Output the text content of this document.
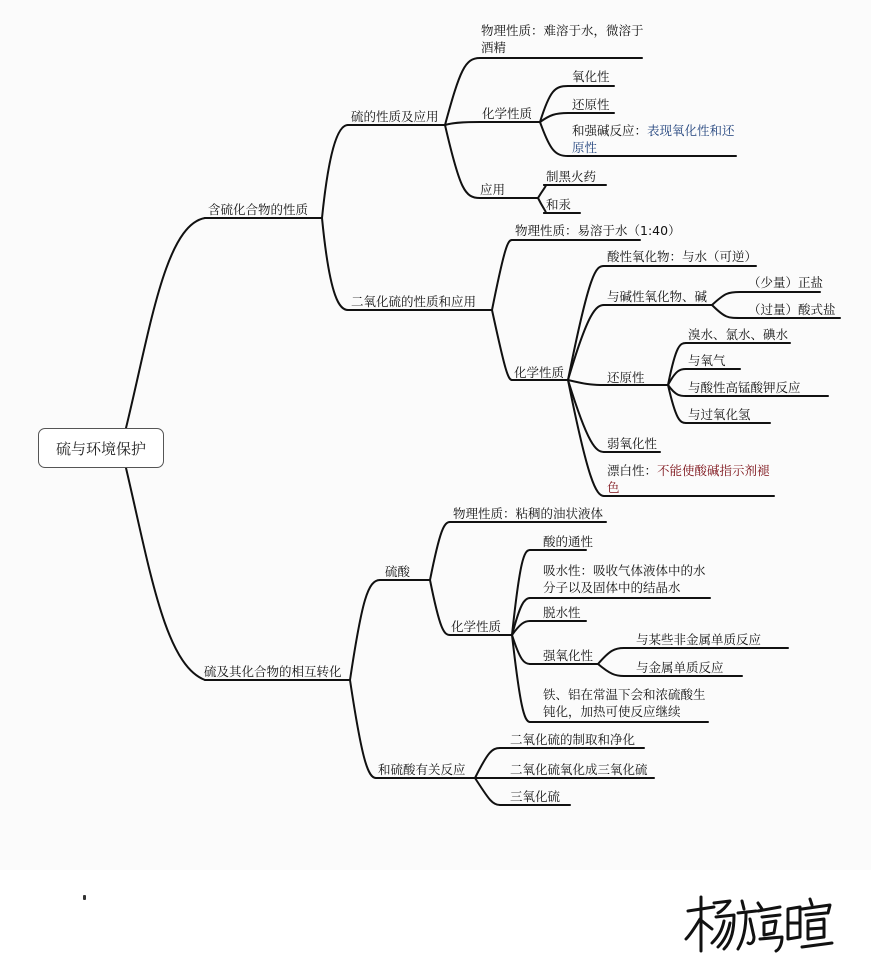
硫与环境保护
含硫化合物的性质
硫的性质及应用
物理性质：难溶于水，微溶于酒精
化学性质
氧化性
还原性
和强碱反应：表现氧化性和还原性
应用
制黑火药
和汞
二氧化硫的性质和应用
物理性质：易溶于水（1:40）
化学性质
酸性氧化物：与水（可逆）
与碱性氧化物、碱
（少量）正盐
（过量）酸式盐
还原性
溴水、氯水、碘水
与氧气
与酸性高锰酸钾反应
与过氧化氢
弱氧化性
漂白性：不能使酸碱指示剂褪色
硫及其化合物的相互转化
硫酸
物理性质：粘稠的油状液体
化学性质
酸的通性
吸水性：吸收气体液体中的水分子以及固体中的结晶水
脱水性
强氧化性
与某些非金属单质反应
与金属单质反应
铁、铝在常温下会和浓硫酸生钝化，加热可使反应继续
和硫酸有关反应
二氧化硫的制取和净化
二氧化硫氧化成三氧化硫
三氧化硫
